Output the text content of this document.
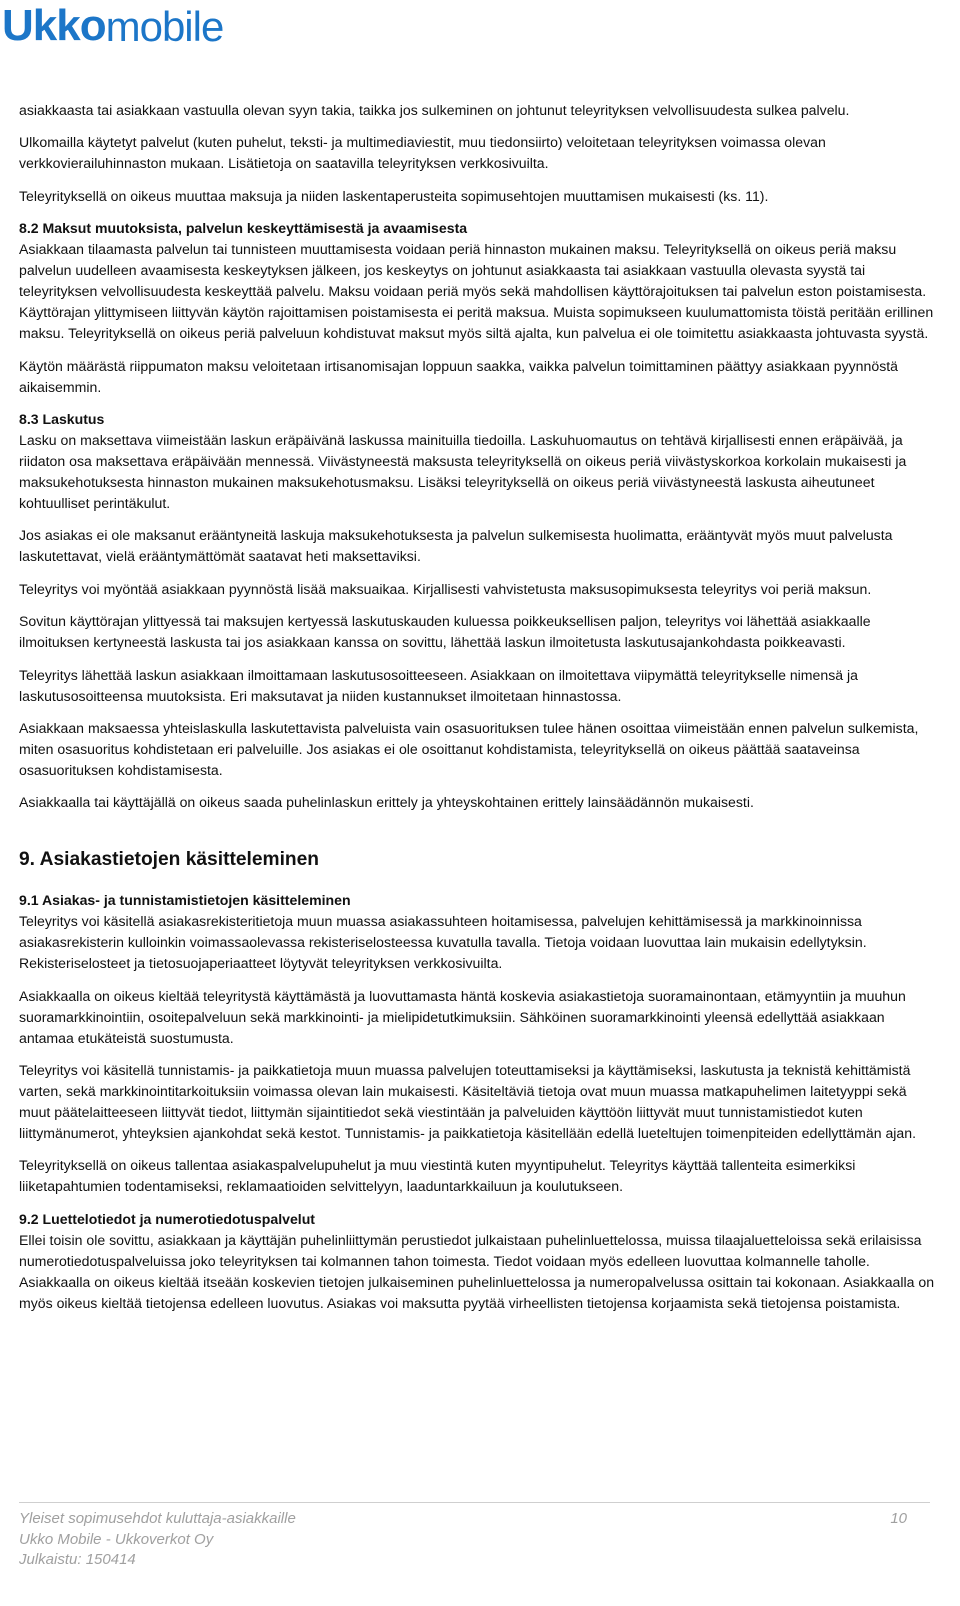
Ukko mobile

asiakkaasta tai asiakkaan vastuulla olevan syyn takia, taikka jos sulkeminen on johtunut teleyrityksen velvollisuudesta sulkea palvelu.

Ulkomailla käytetyt palvelut (kuten puhelut, teksti- ja multimediaviestit, muu tiedonsiirto) veloitetaan teleyrityksen voimassa olevan verkkovierailuhinnaston mukaan. Lisätietoja on saatavilla teleyrityksen verkkosivuilta.

Teleyrityksellä on oikeus muuttaa maksuja ja niiden laskentaperusteita sopimusehtojen muuttamisen mukaisesti (ks. 11).

8.2 Maksut muutoksista, palvelun keskeyttämisestä ja avaamisesta

Asiakkaan tilaamasta palvelun tai tunnisteen muuttamisesta voidaan periä hinnaston mukainen maksu. Teleyrityksellä on oikeus periä maksu palvelun uudelleen avaamisesta keskeytyksen jälkeen, jos keskeytys on johtunut asiakkaasta tai asiakkaan vastuulla olevasta syystä tai teleyrityksen velvollisuudesta keskeyttää palvelu. Maksu voidaan periä myös sekä mahdollisen käyttörajoituksen tai palvelun eston poistamisesta. Käyttörajan ylittymiseen liittyvän käytön rajoittamisen poistamisesta ei peritä maksua. Muista sopimukseen kuulumattomista töistä peritään erillinen maksu. Teleyrityksellä on oikeus periä palveluun kohdistuvat maksut myös siltä ajalta, kun palvelua ei ole toimitettu asiakkaasta johtuvasta syystä.

Käytön määrästä riippumaton maksu veloitetaan irtisanomisajan loppuun saakka, vaikka palvelun toimittaminen päättyy asiakkaan pyynnöstä aikaisemmin.

8.3 Laskutus

Lasku on maksettava viimeistään laskun eräpäivänä laskussa mainituilla tiedoilla. Laskuhuomautus on tehtävä kirjallisesti ennen eräpäivää, ja riidaton osa maksettava eräpäivään mennessä. Viivästyneestä maksusta teleyrityksellä on oikeus periä viivästyskorkoa korkolain mukaisesti ja maksukehotuksesta hinnaston mukainen maksukehotusmaksu. Lisäksi teleyrityksellä on oikeus periä viivästyneestä laskusta aiheutuneet kohtuulliset perintäkulut.

Jos asiakas ei ole maksanut erääntyneitä laskuja maksukehotuksesta ja palvelun sulkemisesta huolimatta, erääntyvät myös muut palvelusta laskutettavat, vielä erääntymättömät saatavat heti maksettaviksi.

Teleyritys voi myöntää asiakkaan pyynnöstä lisää maksuaikaa. Kirjallisesti vahvistetusta maksusopimuksesta teleyritys voi periä maksun.

Sovitun käyttörajan ylittyessä tai maksujen kertyessä laskutuskauden kuluessa poikkeuksellisen paljon, teleyritys voi lähettää asiakkaalle ilmoituksen kertyneestä laskusta tai jos asiakkaan kanssa on sovittu, lähettää laskun ilmoitetusta laskutusajankohdasta poikkeavasti.

Teleyritys lähettää laskun asiakkaan ilmoittamaan laskutusosoitteeseen. Asiakkaan on ilmoitettava viipymättä teleyritykselle nimensä ja laskutusosoitteensa muutoksista. Eri maksutavat ja niiden kustannukset ilmoitetaan hinnastossa.

Asiakkaan maksaessa yhteislaskulla laskutettavista palveluista vain osasuorituksen tulee hänen osoittaa viimeistään ennen palvelun sulkemista, miten osasuoritus kohdistetaan eri palveluille. Jos asiakas ei ole osoittanut kohdistamista, teleyrityksellä on oikeus päättää saataveinsa osasuorituksen kohdistamisesta.

Asiakkaalla tai käyttäjällä on oikeus saada puhelinlaskun erittely ja yhteyskohtainen erittely lainsäädännön mukaisesti.

9. Asiakastietojen käsitteleminen

9.1 Asiakas- ja tunnistamistietojen käsitteleminen

Teleyritys voi käsitellä asiakasrekisteritietoja muun muassa asiakassuhteen hoitamisessa, palvelujen kehittämisessä ja markkinoinnissa asiakasrekisterin kulloinkin voimassaolevassa rekisteriselosteessa kuvatulla tavalla. Tietoja voidaan luovuttaa lain mukaisin edellytyksin. Rekisteriselosteet ja tietosuojaperiaatteet löytyvät teleyrityksen verkkosivuilta.

Asiakkaalla on oikeus kieltää teleyritystä käyttämästä ja luovuttamasta häntä koskevia asiakastietoja suoramainontaan, etämyyntiin ja muuhun suoramarkkinointiin, osoitepalveluun sekä markkinointi- ja mielipidetutkimuksiin. Sähköinen suoramarkkinointi yleensä edellyttää asiakkaan antamaa etukäteistä suostumusta.

Teleyritys voi käsitellä tunnistamis- ja paikkatietoja muun muassa palvelujen toteuttamiseksi ja käyttämiseksi, laskutusta ja teknistä kehittämistä varten, sekä markkinointitarkoituksiin voimassa olevan lain mukaisesti. Käsiteltäviä tietoja ovat muun muassa matkapuhelimen laitetyyppi sekä muut päätelaitteeseen liittyvät tiedot, liittymän sijaintitiedot sekä viestintään ja palveluiden käyttöön liittyvät muut tunnistamistiedot kuten liittymänumerot, yhteyksien ajankohdat sekä kestot. Tunnistamis- ja paikkatietoja käsitellään edellä lueteltujen toimenpiteiden edellyttämän ajan.

Teleyrityksellä on oikeus tallentaa asiakaspalvelupuhelut ja muu viestintä kuten myyntipuhelut. Teleyritys käyttää tallenteita esimerkiksi liiketapahtumien todentamiseksi, reklamaatioiden selvittelyyn, laaduntarkkailuun ja koulutukseen.

9.2 Luettelotiedot ja numerotiedotuspalvelut

Ellei toisin ole sovittu, asiakkaan ja käyttäjän puhelinliittymän perustiedot julkaistaan puhelinluettelossa, muissa tilaajaluetteloissa sekä erilaisissa numerotiedotuspalveluissa joko teleyrityksen tai kolmannen tahon toimesta. Tiedot voidaan myös edelleen luovuttaa kolmannelle taholle. Asiakkaalla on oikeus kieltää itseään koskevien tietojen julkaiseminen puhelinluettelossa ja numeropalvelussa osittain tai kokonaan. Asiakkaalla on myös oikeus kieltää tietojensa edelleen luovutus. Asiakas voi maksutta pyytää virheellisten tietojensa korjaamista sekä tietojensa poistamista.

Yleiset sopimusehdot kuluttaja-asiakkaille	10
Ukko Mobile - Ukkoverkot Oy
Julkaistu: 150414
